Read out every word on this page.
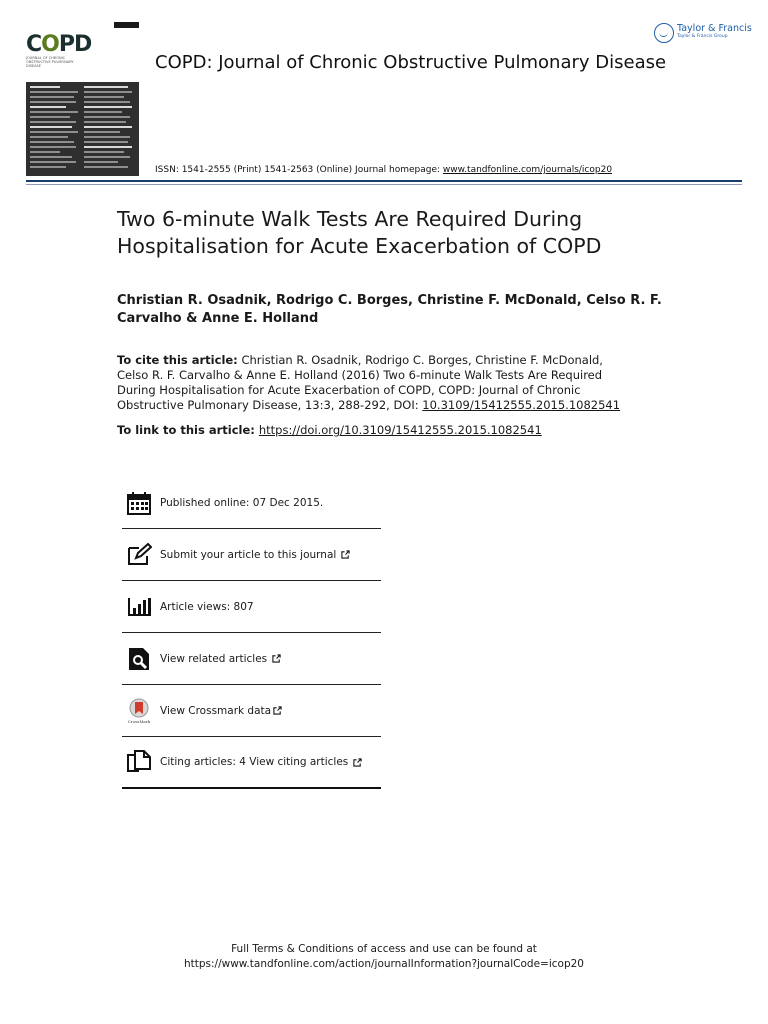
COPD
JOURNAL OF CHRONIC OBSTRUCTIVE PULMONARY DISEASE	COPD: Journal of Chronic Obstructive Pulmonary Disease
Taylor & Francis
Taylor & Francis Group
ISSN: 1541-2555 (Print) 1541-2563 (Online) Journal homepage: www.tandfonline.com/journals/icop20
Two 6-minute Walk Tests Are Required During Hospitalisation for Acute Exacerbation of COPD
Christian R. Osadnik, Rodrigo C. Borges, Christine F. McDonald, Celso R. F. Carvalho & Anne E. Holland
To cite this article: Christian R. Osadnik, Rodrigo C. Borges, Christine F. McDonald, Celso R. F. Carvalho & Anne E. Holland (2016) Two 6-minute Walk Tests Are Required During Hospitalisation for Acute Exacerbation of COPD, COPD: Journal of Chronic Obstructive Pulmonary Disease, 13:3, 288-292, DOI: 10.3109/15412555.2015.1082541
To link to this article: https://doi.org/10.3109/15412555.2015.1082541
Published online: 07 Dec 2015.
Submit your article to this journal
Article views: 807
View related articles
CrossMark
View Crossmark data
Citing articles: 4 View citing articles
Full Terms & Conditions of access and use can be found at
https://www.tandfonline.com/action/journalInformation?journalCode=icop20
